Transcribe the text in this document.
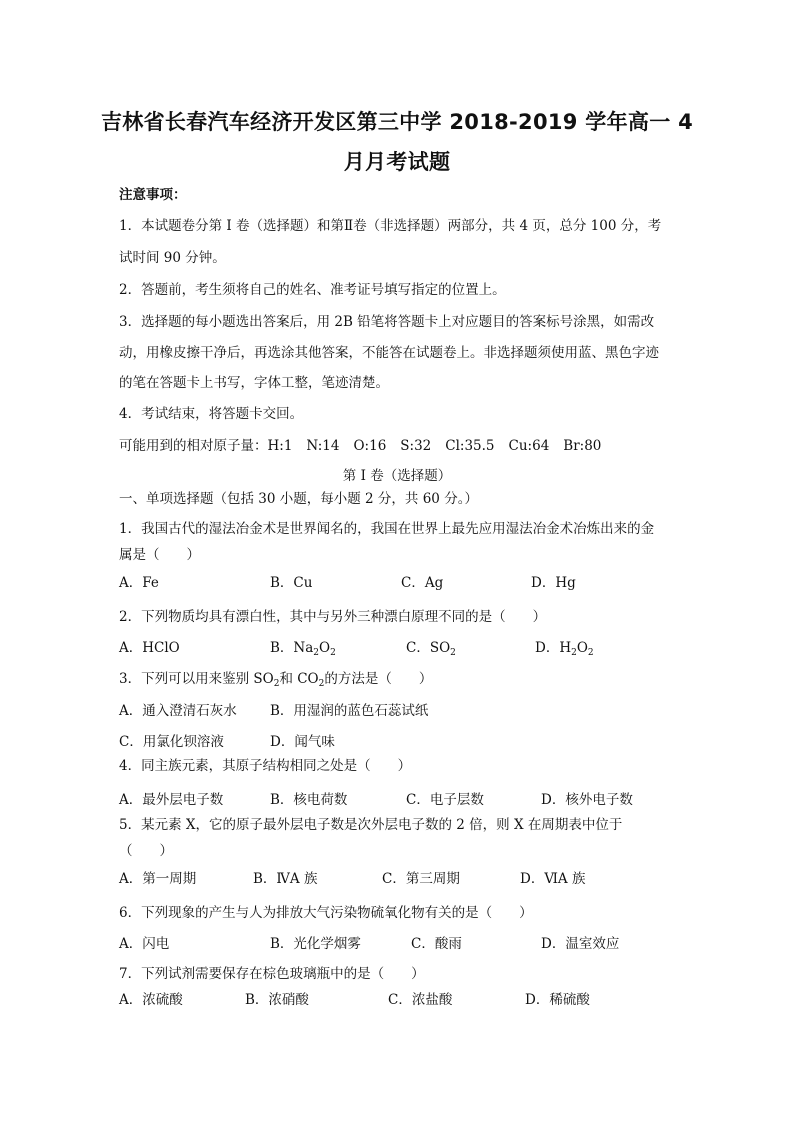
吉林省长春汽车经济开发区第三中学 2018-2019 学年高一 4
月月考试题
注意事项：
1．本试题卷分第 I 卷（选择题）和第Ⅱ卷（非选择题）两部分，共 4 页，总分 100 分，考
试时间 90 分钟。
2．答题前，考生须将自己的姓名、准考证号填写指定的位置上。
3．选择题的每小题选出答案后，用 2B 铅笔将答题卡上对应题目的答案标号涂黑，如需改
动，用橡皮擦干净后，再选涂其他答案，不能答在试题卷上。非选择题须使用蓝、黑色字迹
的笔在答题卡上书写，字体工整，笔迹清楚。
4．考试结束，将答题卡交回。
可能用到的相对原子量：H:1 N:14 O:16 S:32 Cl:35.5 Cu:64 Br:80
第 I 卷（选择题）
一、单项选择题（包括 30 小题，每小题 2 分，共 60 分。）
1．我国古代的湿法冶金术是世界闻名的，我国在世界上最先应用湿法冶金术冶炼出来的金
属是（　　）
A．Fe	B．Cu	C．Ag	D．Hg
2．下列物质均具有漂白性，其中与另外三种漂白原理不同的是（　　）
A．HClO	B．$Na_2O_2$	C．$SO_2$	D．$H_2O_2$
3．下列可以用来鉴别 $SO_2$和 $CO_2$的方法是（　　）
A．通入澄清石灰水 B．用湿润的蓝色石蕊试纸
C．用氯化钡溶液	D．闻气味
4．同主族元素，其原子结构相同之处是（　　）
A．最外层电子数	B．核电荷数	C．电子层数	D．核外电子数
5．某元素 X，它的原子最外层电子数是次外层电子数的 2 倍，则 X 在周期表中位于
（　　）
A．第一周期	B．ⅣA 族	C．第三周期	D．ⅥA 族
6．下列现象的产生与人为排放大气污染物硫氧化物有关的是（　　）
A．闪电	B．光化学烟雾	C．酸雨	D．温室效应
7．下列试剂需要保存在棕色玻璃瓶中的是（　　）
A．浓硫酸	B．浓硝酸	C．浓盐酸	D．稀硫酸
